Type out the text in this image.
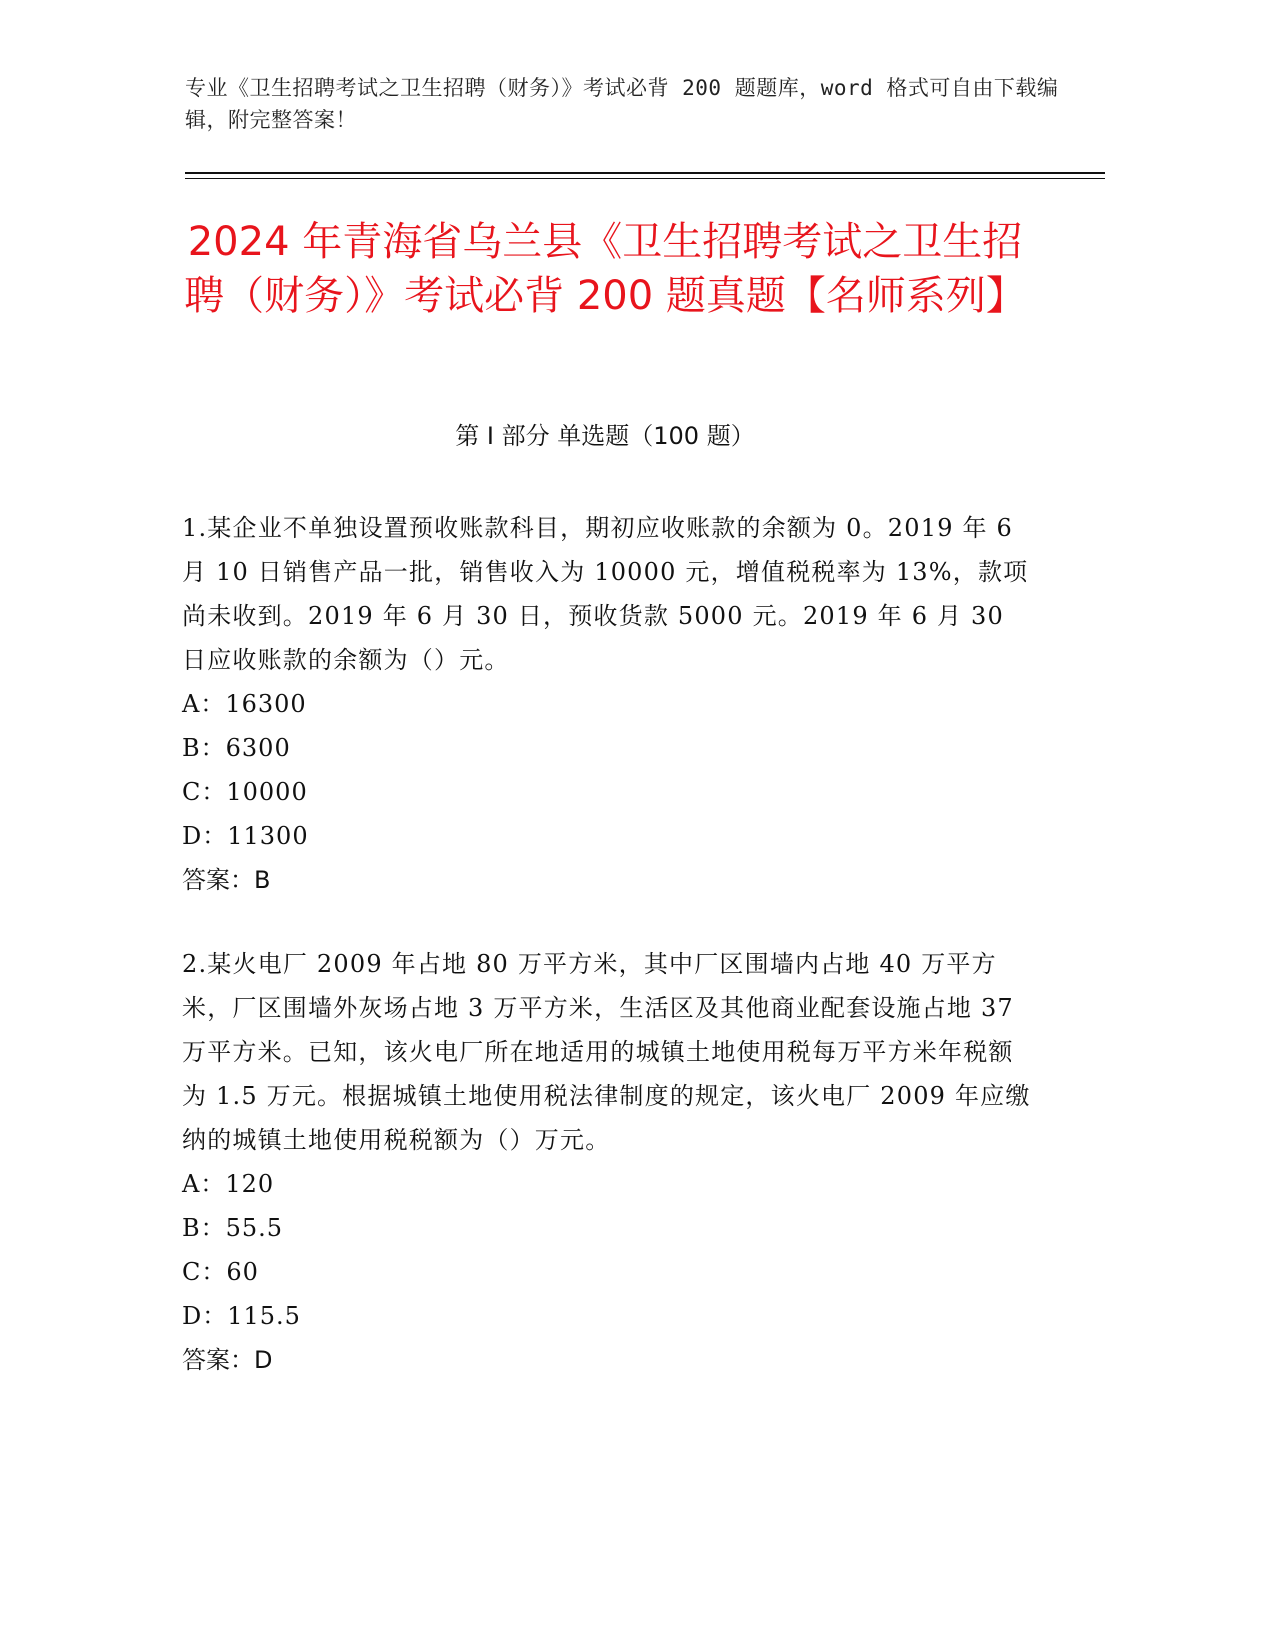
专业《卫生招聘考试之卫生招聘（财务）》考试必背 200 题题库，word 格式可自由下载编辑，附完整答案！
2024 年青海省乌兰县《卫生招聘考试之卫生招聘（财务）》考试必背 200 题真题【名师系列】
第 I 部分 单选题（100 题）

1.某企业不单独设置预收账款科目，期初应收账款的余额为 0。2019 年 6 月 10 日销售产品一批，销售收入为 10000 元，增值税税率为 13%，款项尚未收到。2019 年 6 月 30 日，预收货款 5000 元。2019 年 6 月 30 日应收账款的余额为（）元。

A：16300

B：6300

C：10000

D：11300

答案：B

2.某火电厂 2009 年占地 80 万平方米，其中厂区围墙内占地 40 万平方米，厂区围墙外灰场占地 3 万平方米，生活区及其他商业配套设施占地 37 万平方米。已知，该火电厂所在地适用的城镇土地使用税每万平方米年税额为 1.5 万元。根据城镇土地使用税法律制度的规定，该火电厂 2009 年应缴纳的城镇土地使用税税额为（）万元。

A：120

B：55.5

C：60

D：115.5

答案：D
